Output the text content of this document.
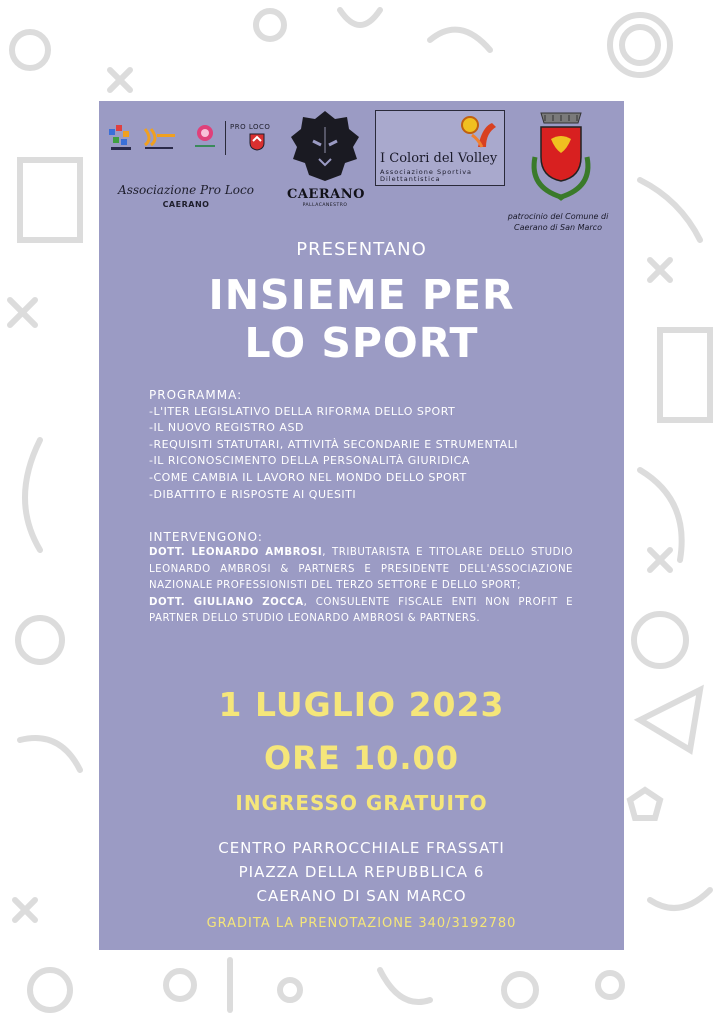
PRO LOCO
Associazione Pro Loco
CAERANO
CAERANO
PALLACANESTRO
I Colori del Volley
Associazione Sportiva
Dilettantistica
patrocinio del Comune di
Caerano di San Marco
PRESENTANO
INSIEME PER
LO SPORT
PROGRAMMA:
-L'ITER LEGISLATIVO DELLA RIFORMA DELLO SPORT
-IL NUOVO REGISTRO ASD
-REQUISITI STATUTARI, ATTIVITÀ SECONDARIE E STRUMENTALI
-IL RICONOSCIMENTO DELLA PERSONALITÀ GIURIDICA
-COME CAMBIA IL LAVORO NEL MONDO DELLO SPORT
-DIBATTITO E RISPOSTE AI QUESITI
INTERVENGONO:

DOTT. LEONARDO AMBROSI, TRIBUTARISTA E TITOLARE DELLO STUDIO LEONARDO AMBROSI & PARTNERS E PRESIDENTE DELL'ASSOCIAZIONE NAZIONALE PROFESSIONISTI DEL TERZO SETTORE E DELLO SPORT;

DOTT. GIULIANO ZOCCA, CONSULENTE FISCALE ENTI NON PROFIT E PARTNER DELLO STUDIO LEONARDO AMBROSI & PARTNERS.

1 LUGLIO 2023
ORE 10.00
INGRESSO GRATUITO
CENTRO PARROCCHIALE FRASSATI
PIAZZA DELLA REPUBBLICA 6
CAERANO DI SAN MARCO
GRADITA LA PRENOTAZIONE 340/3192780
